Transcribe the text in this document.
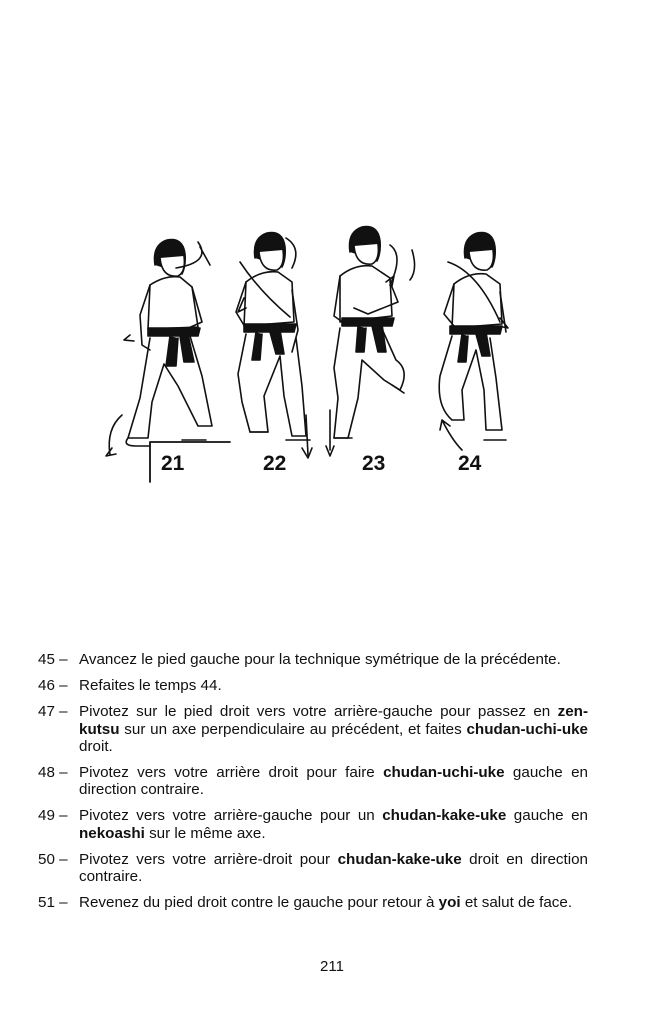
21	22	23	24
45 – Avancez le pied gauche pour la technique symétrique de la précédente.
46 – Refaites le temps 44.
47 – Pivotez sur le pied droit vers votre arrière-gauche pour passez en zen-kutsu sur un axe perpendiculaire au précédent, et faites chudan-uchi-uke droit.
48 – Pivotez vers votre arrière droit pour faire chudan-uchi-uke gauche en direction contraire.
49 – Pivotez vers votre arrière-gauche pour un chudan-kake-uke gauche en nekoashi sur le même axe.
50 – Pivotez vers votre arrière-droit pour chudan-kake-uke droit en direction contraire.
51 – Revenez du pied droit contre le gauche pour retour à yoi et salut de face.
211
